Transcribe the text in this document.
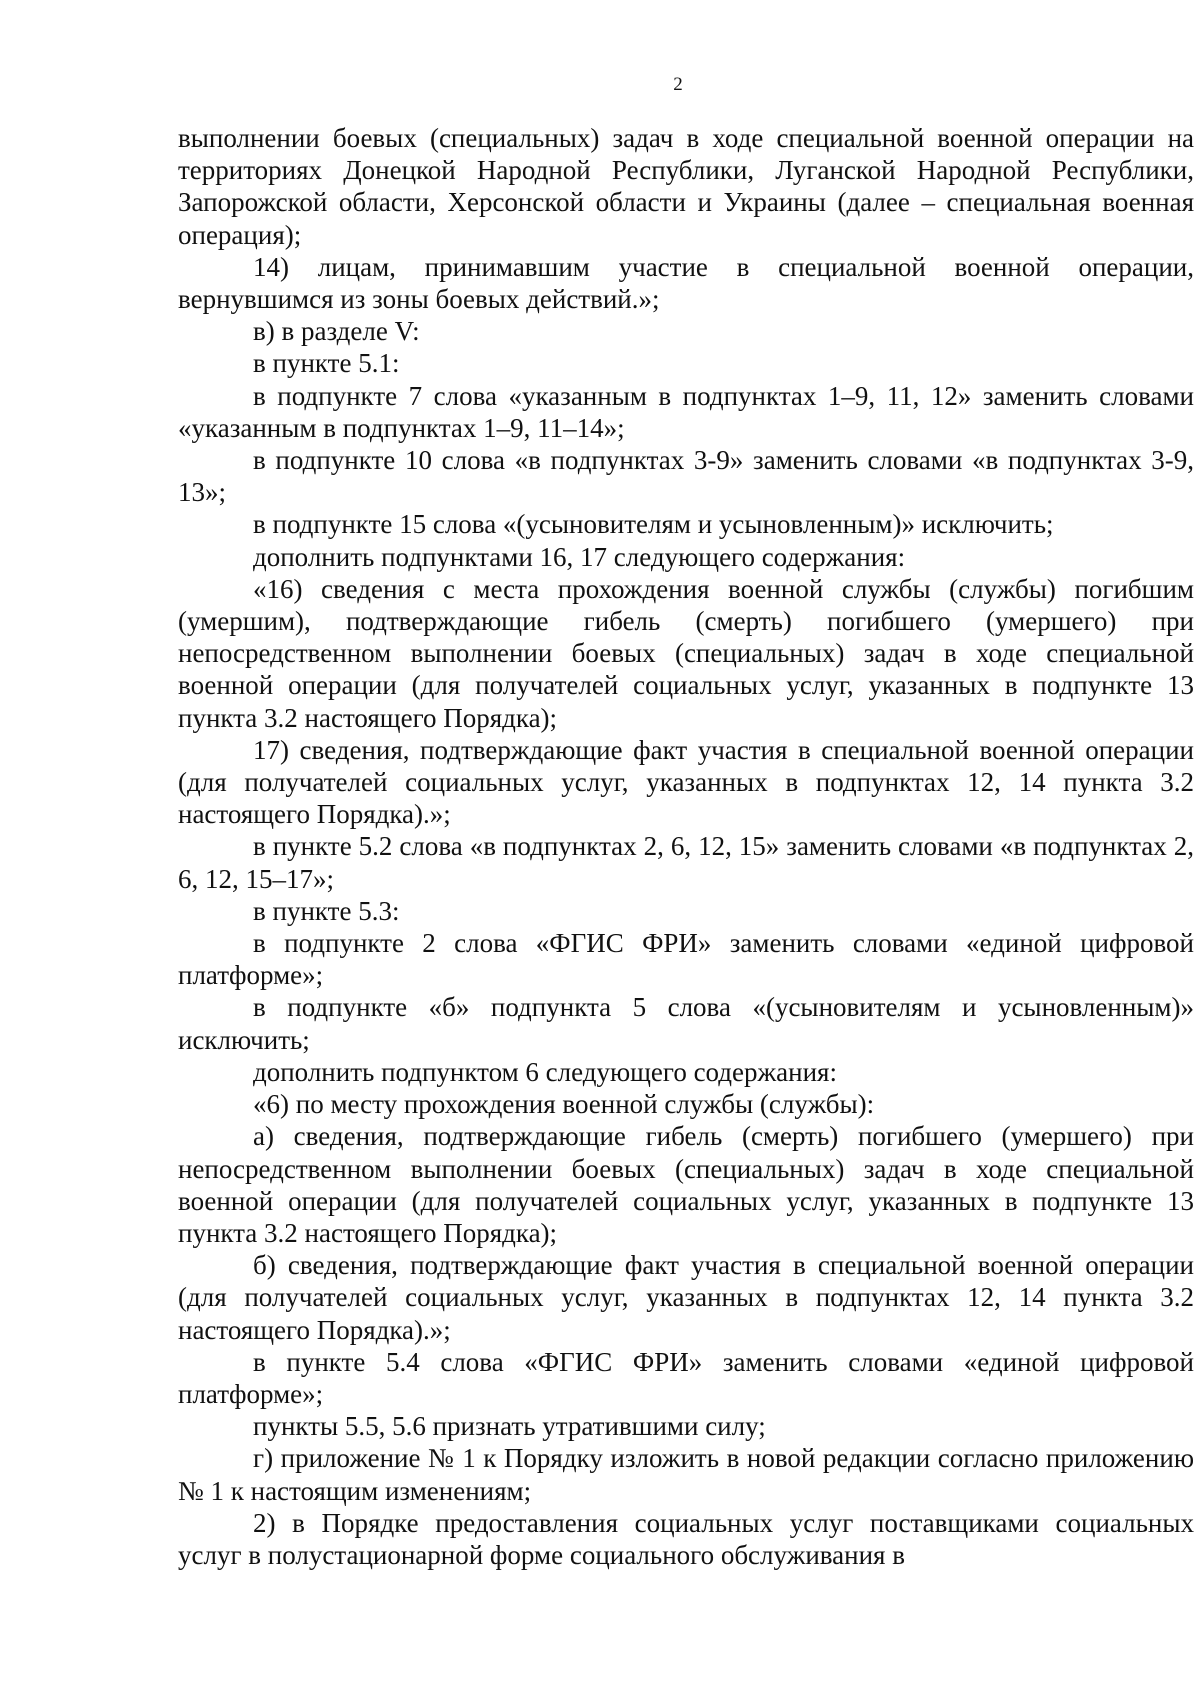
2

выполнении боевых (специальных) задач в ходе специальной военной операции на территориях Донецкой Народной Республики, Луганской Народной Республики, Запорожской области, Херсонской области и Украины (далее – специальная военная операция);

14) лицам, принимавшим участие в специальной военной операции, вернувшимся из зоны боевых действий.»;

в) в разделе V:

в пункте 5.1:

в подпункте 7 слова «указанным в подпунктах 1–9, 11, 12» заменить словами «указанным в подпунктах 1–9, 11–14»;

в подпункте 10 слова «в подпунктах 3-9» заменить словами «в подпунктах 3-9, 13»;

в подпункте 15 слова «(усыновителям и усыновленным)» исключить;

дополнить подпунктами 16, 17 следующего содержания:

«16) сведения с места прохождения военной службы (службы) погибшим (умершим), подтверждающие гибель (смерть) погибшего (умершего) при непосредственном выполнении боевых (специальных) задач в ходе специальной военной операции (для получателей социальных услуг, указанных в подпункте 13 пункта 3.2 настоящего Порядка);

17) сведения, подтверждающие факт участия в специальной военной операции (для получателей социальных услуг, указанных в подпунктах 12, 14 пункта 3.2 настоящего Порядка).»;

в пункте 5.2 слова «в подпунктах 2, 6, 12, 15» заменить словами «в подпунктах 2, 6, 12, 15–17»;

в пункте 5.3:

в подпункте 2 слова «ФГИС ФРИ» заменить словами «единой цифровой платформе»;

в подпункте «б» подпункта 5 слова «(усыновителям и усыновленным)» исключить;

дополнить подпунктом 6 следующего содержания:

«6) по месту прохождения военной службы (службы):

а) сведения, подтверждающие гибель (смерть) погибшего (умершего) при непосредственном выполнении боевых (специальных) задач в ходе специальной военной операции (для получателей социальных услуг, указанных в подпункте 13 пункта 3.2 настоящего Порядка);

б) сведения, подтверждающие факт участия в специальной военной операции (для получателей социальных услуг, указанных в подпунктах 12, 14 пункта 3.2 настоящего Порядка).»;

в пункте 5.4 слова «ФГИС ФРИ» заменить словами «единой цифровой платформе»;

пункты 5.5, 5.6 признать утратившими силу;

г) приложение № 1 к Порядку изложить в новой редакции согласно приложению № 1 к настоящим изменениям;

2) в Порядке предоставления социальных услуг поставщиками социальных услуг в полустационарной форме социального обслуживания в
